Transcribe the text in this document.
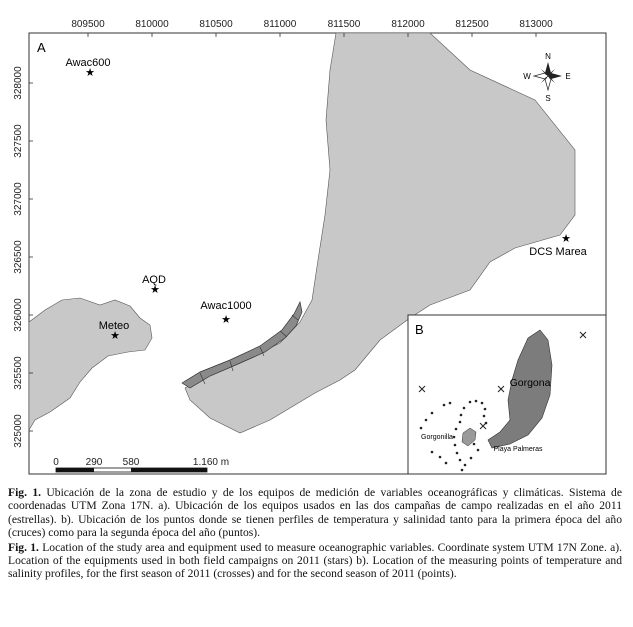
809500	810000	810500	811000	811500	812000	812500	813000
328000
327500
327000
326500
326000
325500
325000
A
★
Awac600
★
AQD
★
Awac1000
★
Meteo
★
DCS Marea
N
S
E
W
0	290 580	1.160 m
B
Gorgona
Gorgonilla
Playa Palmeras

Fig. 1. Ubicación de la zona de estudio y de los equipos de medición de variables oceanográficas y climáticas. Sistema de coordenadas UTM Zona 17N. a). Ubicación de los equipos usados en las dos campañas de campo realizadas en el año 2011 (estrellas). b). Ubicación de los puntos donde se tienen perfiles de temperatura y salinidad tanto para la primera época del año (cruces) como para la segunda época del año (puntos).

Fig. 1. Location of the study area and equipment used to measure oceanographic variables. Coordinate system UTM 17N Zone. a). Location of the equipments used in both field campaigns on 2011 (stars) b). Location of the measuring points of temperature and salinity profiles, for the first season of 2011 (crosses) and for the second season of 2011 (points).
